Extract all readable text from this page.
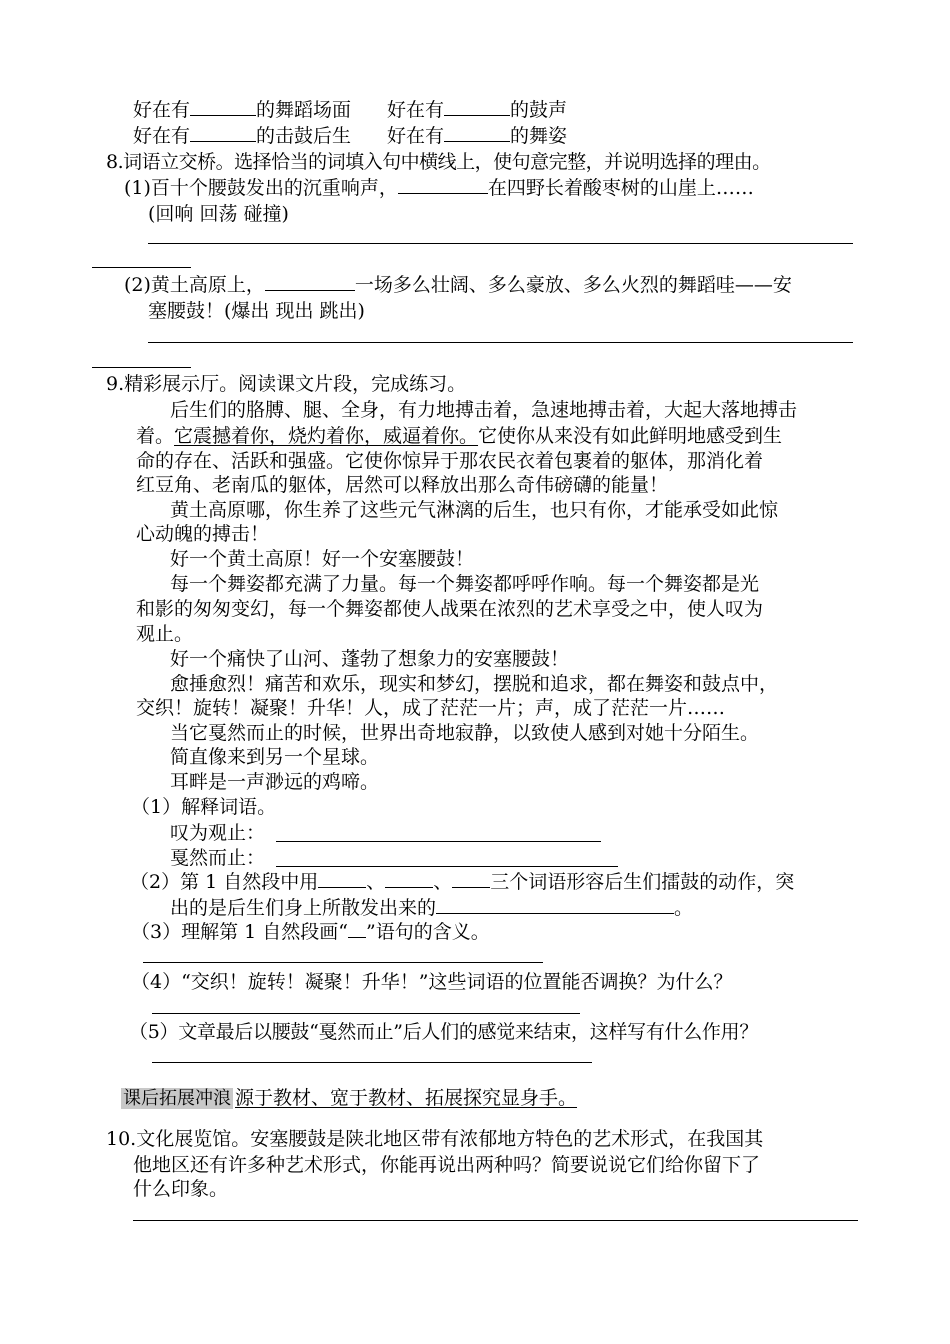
好在有	的舞蹈场面 好在有	的鼓声
好在有	的击鼓后生 好在有	的舞姿
8.词语立交桥。选择恰当的词填入句中横线上，使句意完整，并说明选择的理由。
(1)百十个腰鼓发出的沉重响声，	在四野长着酸枣树的山崖上……
(回响 回荡 碰撞)
(2)黄土高原上，	一场多么壮阔、多么豪放、多么火烈的舞蹈哇——安
塞腰鼓！(爆出 现出 跳出)
9.精彩展示厅。阅读课文片段，完成练习。
后生们的胳膊、腿、全身，有力地搏击着，急速地搏击着，大起大落地搏击
着。它震撼着你，烧灼着你，威逼着你。它使你从来没有如此鲜明地感受到生
命的存在、活跃和强盛。它使你惊异于那农民衣着包裹着的躯体，那消化着
红豆角、老南瓜的躯体，居然可以释放出那么奇伟磅礴的能量！
黄土高原哪，你生养了这些元气淋漓的后生，也只有你，才能承受如此惊
心动魄的搏击！
好一个黄土高原！好一个安塞腰鼓！
每一个舞姿都充满了力量。每一个舞姿都呼呼作响。每一个舞姿都是光
和影的匆匆变幻，每一个舞姿都使人战栗在浓烈的艺术享受之中，使人叹为
观止。
好一个痛快了山河、蓬勃了想象力的安塞腰鼓！
愈捶愈烈！痛苦和欢乐，现实和梦幻，摆脱和追求，都在舞姿和鼓点中，
交织！旋转！凝聚！升华！人，成了茫茫一片；声，成了茫茫一片……
当它戛然而止的时候，世界出奇地寂静，以致使人感到对她十分陌生。
简直像来到另一个星球。
耳畔是一声渺远的鸡啼。
（1）解释词语。
叹为观止：
戛然而止：
（2）第 1 自然段中用	、	、 三个词语形容后生们擂鼓的动作，突
出的是后生们身上所散发出来的	。
（3）理解第 1 自然段画“ ”语句的含义。
（4）“交织！旋转！凝聚！升华！”这些词语的位置能否调换？为什么？
（5）文章最后以腰鼓“戛然而止”后人们的感觉来结束，这样写有什么作用？
课后拓展冲浪 源于教材、宽于教材、拓展探究显身手。
10.文化展览馆。安塞腰鼓是陕北地区带有浓郁地方特色的艺术形式，在我国其
他地区还有许多种艺术形式，你能再说出两种吗？简要说说它们给你留下了
什么印象。
